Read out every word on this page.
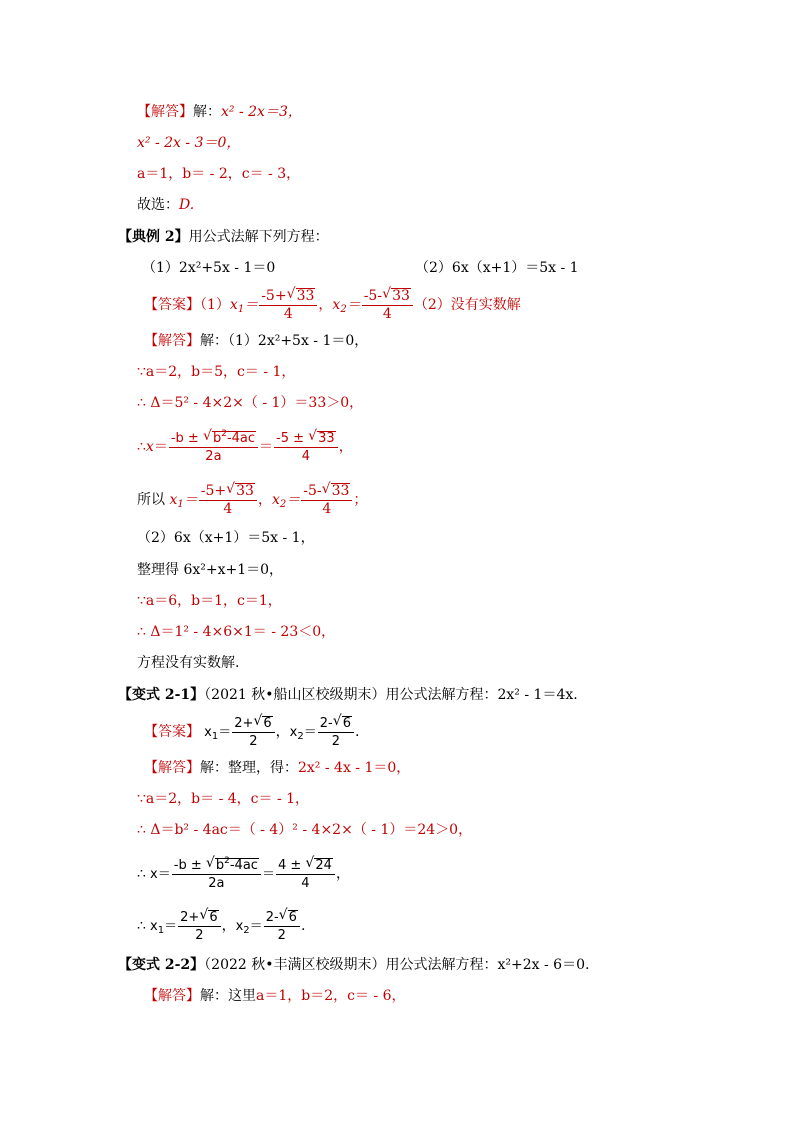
【解答】解：x² - 2x＝3，
x² - 2x - 3＝0，
a＝1，b＝ - 2，c＝ - 3，
故选：D.
【典例 2】用公式法解下列方程：
（1）2x²+5x - 1＝0	（2）6x（x+1）＝5x - 1
【答案】$(1)x_1= \frac{-5+ √ 33}{4}$ ，$x_2= \frac{-5- √ 33}{4} (2)$没有实数解
【解答】解：（1）2x²+5x - 1＝0，
∵a＝2，b＝5，c＝ - 1，
∴ Δ＝5² - 4×2×（ - 1）＝33＞0，
∴x＝ $\frac{-b \pm √ b^2-4ac}{2a} = \frac{-5 \pm √ 33}{4}$ ，
所以 $x_1= \frac{-5+ √ 33}{4}$ ，$x_2= \frac{-5- √ 33}{4}$ ；
（2）6x（x+1）＝5x - 1，
整理得 6x²+x+1＝0，
∵a＝6，b＝1，c＝1，
∴ Δ＝1² - 4×6×1＝ - 23＜0，
方程没有实数解.
【变式 2-1】（2021 秋•船山区校级期末）用公式法解方程：2x² - 1＝4x.
【答案】 $x_1= \frac{2+ √ 6}{2}$ ，$x_2= \frac{2- √ 6}{2}$ .
【解答】解：整理，得：2x² - 4x - 1＝0，
∵a＝2，b＝ - 4，c＝ - 1，
∴ Δ＝b² - 4ac＝（ - 4）² - 4×2×（ - 1）＝24＞0，
∴ $x= \frac{-b \pm √ b^2-4ac}{2a} = \frac{4 \pm √ 24}{4}$ ，
∴ $x_1= \frac{2+ √ 6}{2}$ ，$x_2= \frac{2- √ 6}{2}$ .
【变式 2-2】（2022 秋•丰满区校级期末）用公式法解方程：x²+2x - 6＝0.
【解答】解：这里a＝1，b＝2，c＝ - 6，
